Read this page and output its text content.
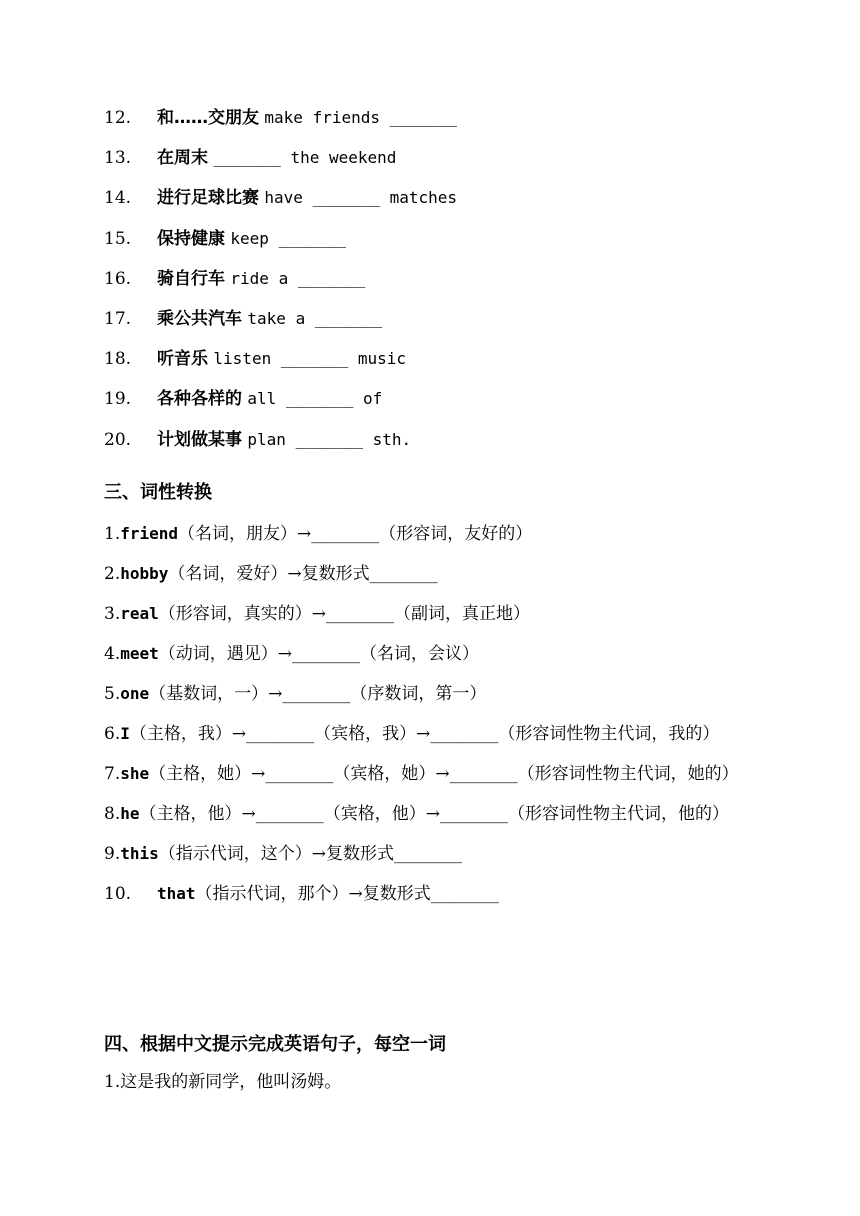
12. 和……交朋友 make friends _______
13. 在周末 _______ the weekend
14. 进行足球比赛 have _______ matches
15. 保持健康 keep _______
16. 骑自行车 ride a _______
17. 乘公共汽车 take a _______
18. 听音乐 listen _______ music
19. 各种各样的 all _______ of
20. 计划做某事 plan _______ sth.
三、词性转换
1.friend（名词，朋友）→________（形容词，友好的）
2.hobby（名词，爱好）→复数形式________
3.real（形容词，真实的）→________（副词，真正地）
4.meet（动词，遇见）→________（名词，会议）
5.one（基数词，一）→________（序数词，第一）
6.I（主格，我）→________（宾格，我）→________（形容词性物主代词，我的）
7.she（主格，她）→________（宾格，她）→________（形容词性物主代词，她的）
8.he（主格，他）→________（宾格，他）→________（形容词性物主代词，他的）
9.this（指示代词，这个）→复数形式________
10. that（指示代词，那个）→复数形式________
四、根据中文提示完成英语句子，每空一词
1.这是我的新同学，他叫汤姆。
